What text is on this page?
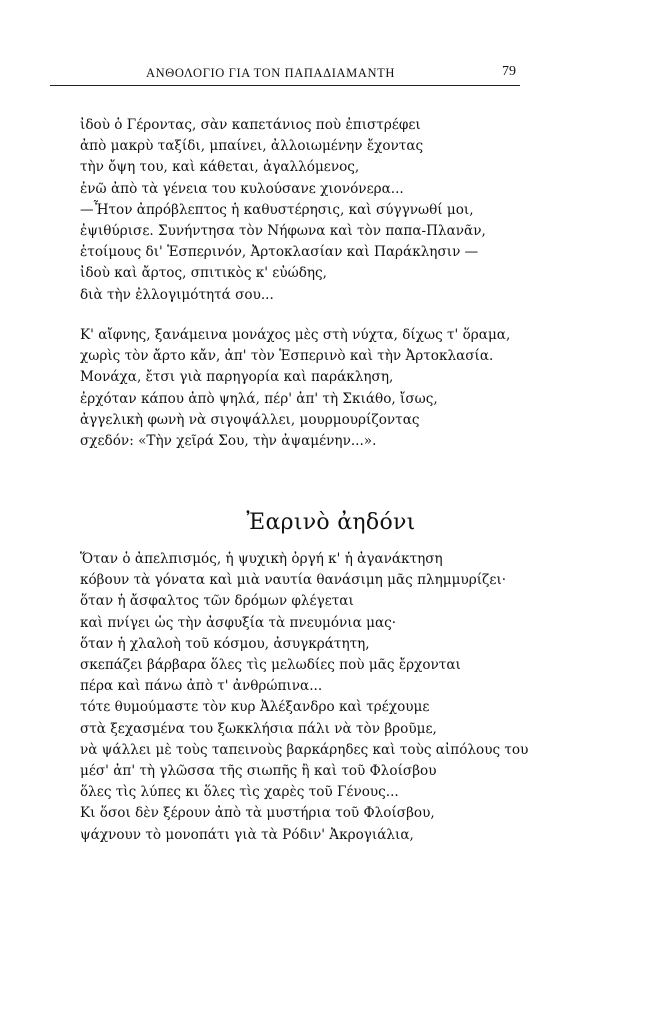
ΑΝΘΟΛΟΓΙΟ ΓΙΑ ΤΟΝ ΠΑΠΑΔΙΑΜΑΝΤΗ	79
ἰδοὺ ὁ Γέροντας, σὰν καπετάνιος ποὺ ἐπιστρέφει
ἀπὸ μακρὺ ταξίδι, μπαίνει, ἀλλοιωμένην ἔχοντας
τὴν ὄψη του, καὶ κάθεται, ἀγαλλόμενος,
ἐνῶ ἀπὸ τὰ γένεια του κυλούσανε χιονόνερα...
—Ἦτον ἀπρόβλεπτος ἡ καθυστέρησις, καὶ σύγγνωθί μοι,
ἐψιθύρισε. Συνήντησα τὸν Νήφωνα καὶ τὸν παπα-Πλανᾶν,
ἑτοίμους δι' Ἑσπερινόν, Ἀρτοκλασίαν καὶ Παράκλησιν —
ἰδοὺ καὶ ἄρτος, σπιτικὸς κ' εὐώδης,
διὰ τὴν ἐλλογιμότητά σου...
Κ' αἴφνης, ξανάμεινα μονάχος μὲς στὴ νύχτα, δίχως τ' ὅραμα,
χωρὶς τὸν ἄρτο κἄν, ἀπ' τὸν Ἑσπερινὸ καὶ τὴν Ἀρτοκλασία.
Μονάχα, ἔτσι γιὰ παρηγορία καὶ παράκληση,
ἐρχόταν κάπου ἀπὸ ψηλά, πέρ' ἀπ' τὴ Σκιάθο, ἴσως,
ἀγγελικὴ φωνὴ νὰ σιγοψάλλει, μουρμουρίζοντας
σχεδόν: «Τὴν χεῖρά Σου, τὴν ἀψαμένην...».
Ἐαρινὸ ἀηδόνι
Ὅταν ὁ ἀπελπισμός, ἡ ψυχικὴ ὀργή κ' ἡ ἀγανάκτηση
κόβουν τὰ γόνατα καὶ μιὰ ναυτία θανάσιμη μᾶς πλημμυρίζει·
ὅταν ἡ ἄσφαλτος τῶν δρόμων φλέγεται
καὶ πνίγει ὡς τὴν ἀσφυξία τὰ πνευμόνια μας·
ὅταν ἡ χλαλοὴ τοῦ κόσμου, ἀσυγκράτητη,
σκεπάζει βάρβαρα ὅλες τὶς μελωδίες ποὺ μᾶς ἔρχονται
πέρα καὶ πάνω ἀπὸ τ' ἀνθρώπινα...
τότε θυμούμαστε τὸν κυρ Ἀλέξανδρο καὶ τρέχουμε
στὰ ξεχασμένα του ξωκκλήσια πάλι νὰ τὸν βροῦμε,
νὰ ψάλλει μὲ τοὺς ταπεινοὺς βαρκάρηδες καὶ τοὺς αἰπόλους του
μέσ' ἀπ' τὴ γλῶσσα τῆς σιωπῆς ἢ καὶ τοῦ Φλοίσβου
ὅλες τὶς λύπες κι ὅλες τὶς χαρὲς τοῦ Γένους...
Κι ὅσοι δὲν ξέρουν ἀπὸ τὰ μυστήρια τοῦ Φλοίσβου,
ψάχνουν τὸ μονοπάτι γιὰ τὰ Ρόδιν' Ἀκρογιάλια,
